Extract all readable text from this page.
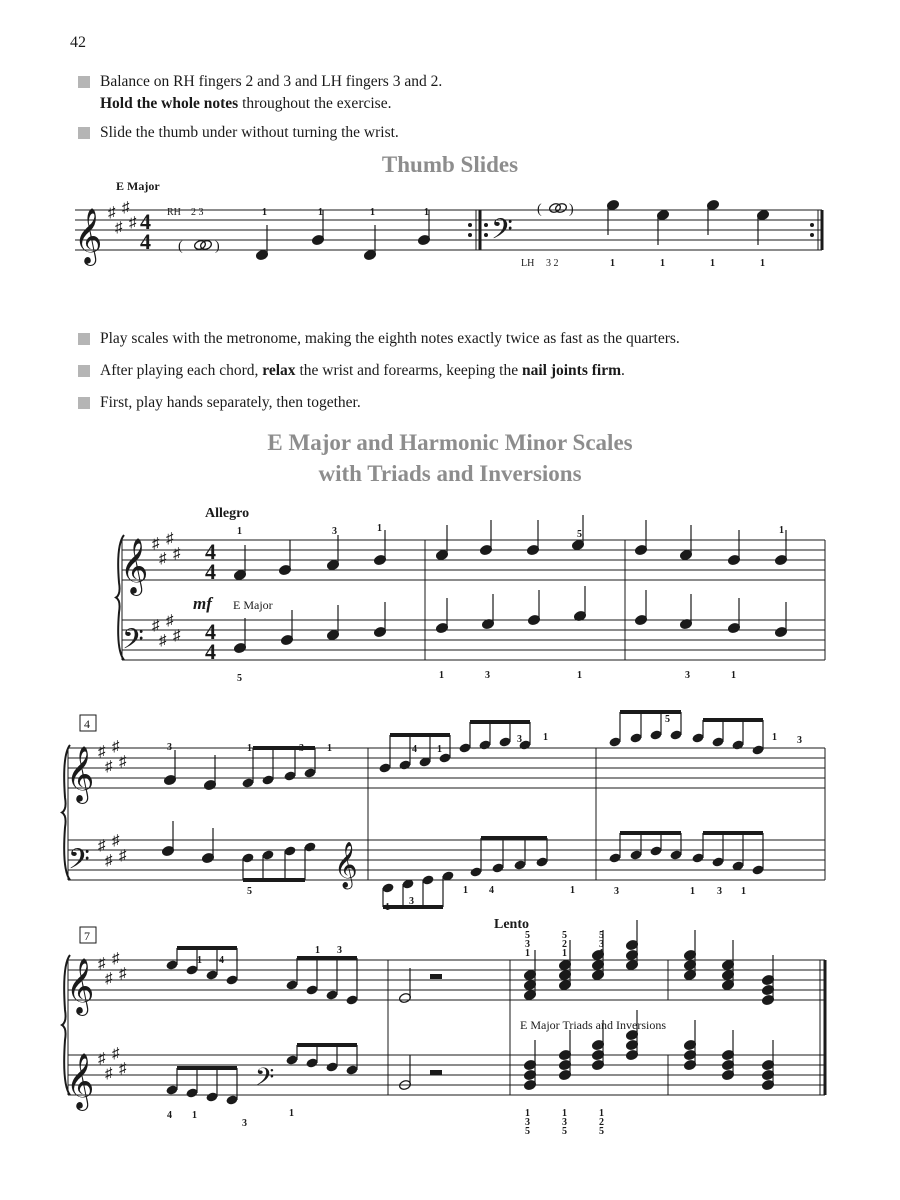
42
Balance on RH fingers 2 and 3 and LH fingers 3 and 2.
Hold the whole notes throughout the exercise.
Slide the thumb under without turning the wrist.
Thumb Slides
Play scales with the metronome, making the eighth notes exactly twice as fast as the quarters.
After playing each chord, relax the wrist and forearms, keeping the nail joints firm.
First, play hands separately, then together.
E Major and Harmonic Minor Scales
with Triads and Inversions
𝄞 ♯
♯
♯
♯ 4
4	𝄢
𝄞
𝄢
♯
♯
♯
♯
♯
♯
♯
♯
4
4
4
4
𝄞
𝄢
♯
♯
♯
♯
♯
♯
♯
♯	𝄞
𝄞
𝄞
♯
♯
♯
♯
♯
♯
♯
♯	𝄢
( )
1	1	1	1	( )
1	1	1	1
1	3	1
5	1
5	1	3	1	3	1
3	1	3 1	4 1
3 1
5
1 3
5
1
3
1 4	1	3	1 3 1
1 4
1 3
4 1
3
1
5
3
1
5
2
1
5
3
1
1
3
5
1
3
5
1
2
5
E Major
RH 2 3
LH 3 2
Allegro
mf E Major
4
7
Lento
E Major Triads and Inversions
